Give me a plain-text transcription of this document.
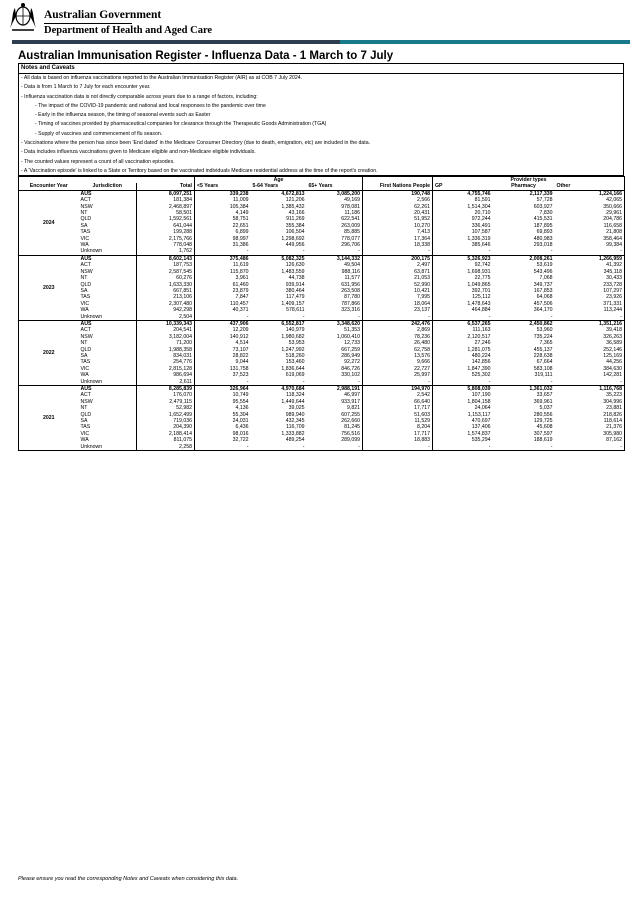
Australian Government
Department of Health and Aged Care
Australian Immunisation Register - Influenza Data - 1 March to 7 July
Notes and Caveats
- All data is based on influenza vaccinations reported to the Australian Immunisation Register (AIR) as at COB 7 July 2024.
- Data is from 1 March to 7 July for each encounter year.
- Influenza vaccination data is not directly comparable across years due to a range of factors, including:
- The impact of the COVID-19 pandemic and national and local responses to the pandemic over time
- Early in the influenza season, the timing of seasonal events such as Easter
- Timing of vaccines provided by pharmaceutical companies for clearance through the Therapeutic Goods Administration (TGA)
- Supply of vaccines and commencement of flu season.
- Vaccinations where the person has since been 'End dated' in the Medicare Consumer Directory (due to death, emigration, etc) are included in the data.
- Data includes influenza vaccinations given to Medicare eligible and non-Medicare eligible individuals.
- The counted values represent a count of all vaccination episodes.
- A 'Vaccination episode' is linked to a State or Territory based on the vaccinated individuals Medicare residential address at the time of the report's creation.
			Age				Provider types		
Encounter Year	Jurisdiction	Total	<5 Years	5-64 Years	65+ Years	First Nations People	GP	Pharmacy	Other
2024	AUS	8,097,251	339,238	4,672,813	3,085,200	190,748	4,755,746	2,117,339	1,224,166
	ACT	181,384	11,009	121,206	49,169	2,566	81,591	57,728	42,065
	NSW	2,468,897	105,384	1,385,432	978,081	62,261	1,514,304	603,927	350,666
	NT	58,501	4,149	43,166	11,186	20,431	20,710	7,830	29,961
	QLD	1,592,561	58,751	911,269	622,541	51,952	972,244	415,531	204,786
	SA	641,044	22,651	355,384	263,009	10,270	336,491	187,895	116,658
	TAS	199,288	6,899	106,504	85,885	7,413	107,587	69,893	21,808
	VIC	2,175,766	98,997	1,298,692	778,077	17,364	1,336,319	480,983	358,464
	WA	778,048	31,386	449,956	296,706	18,338	385,646	293,018	99,384
	Unknown	1,762	-	-	-	-	-	-	-
2023	AUS	8,602,143	375,486	5,082,325	3,144,332	200,175	5,326,923	2,008,261	1,266,959
	ACT	187,753	11,619	126,630	49,504	2,497	92,742	53,619	41,392
	NSW	2,587,545	115,870	1,483,559	988,116	63,871	1,698,931	543,496	345,118
	NT	60,276	3,961	44,738	11,577	21,053	22,775	7,068	30,433
	QLD	1,633,330	61,460	939,914	631,956	52,990	1,049,865	349,737	233,728
	SA	667,851	23,879	380,464	263,508	10,421	392,701	167,853	107,297
	TAS	213,106	7,847	117,479	87,780	7,995	125,112	64,068	23,926
	VIC	2,307,480	110,457	1,409,157	787,866	18,064	1,478,643	457,506	371,331
	WA	942,298	40,371	578,611	323,316	23,137	464,884	364,170	113,244
	Unknown	2,504	-	-	-	-	-	-	-
2022	AUS	10,339,343	437,906	6,552,817	3,348,620	242,476	6,537,265	2,450,862	1,351,216
	ACT	204,541	12,209	140,979	51,353	2,869	111,163	53,960	39,418
	NSW	3,182,004	140,912	1,980,682	1,060,410	78,236	2,120,517	735,224	326,263
	NT	71,200	4,514	53,953	12,733	26,480	27,246	7,365	36,589
	QLD	1,988,358	73,107	1,247,992	667,259	62,758	1,281,075	455,137	252,146
	SA	834,031	28,822	518,260	286,949	13,576	480,224	228,638	125,169
	TAS	254,776	9,044	153,460	92,272	9,666	142,856	67,664	44,256
	VIC	2,815,128	131,758	1,836,644	846,726	22,727	1,847,390	583,108	384,630
	WA	986,694	37,523	619,069	330,102	25,997	525,302	319,111	142,281
	Unknown	2,611	-	-	-	-	-	-	-
2021	AUS	8,285,839	326,964	4,970,684	2,988,191	194,970	5,808,039	1,361,032	1,116,768
	ACT	176,070	10,749	118,324	46,997	2,542	107,190	33,657	35,223
	NSW	2,479,115	95,554	1,449,644	933,917	66,640	1,804,158	369,961	304,996
	NT	52,982	4,136	39,025	9,821	17,717	24,064	5,037	23,881
	QLD	1,652,499	55,304	989,940	607,255	51,603	1,153,117	280,556	218,826
	SA	719,036	24,031	432,345	262,660	11,529	470,697	129,725	118,614
	TAS	204,390	6,436	116,709	81,245	8,204	137,406	45,608	21,376
	VIC	2,188,414	98,016	1,333,882	756,516	17,717	1,574,837	307,597	305,980
	WA	811,075	32,722	489,254	289,099	18,883	535,294	188,619	87,162
	Unknown	2,258	-	-	-	-	-	-	-
Please ensure you read the corresponding Notes and Caveats when considering this data.
